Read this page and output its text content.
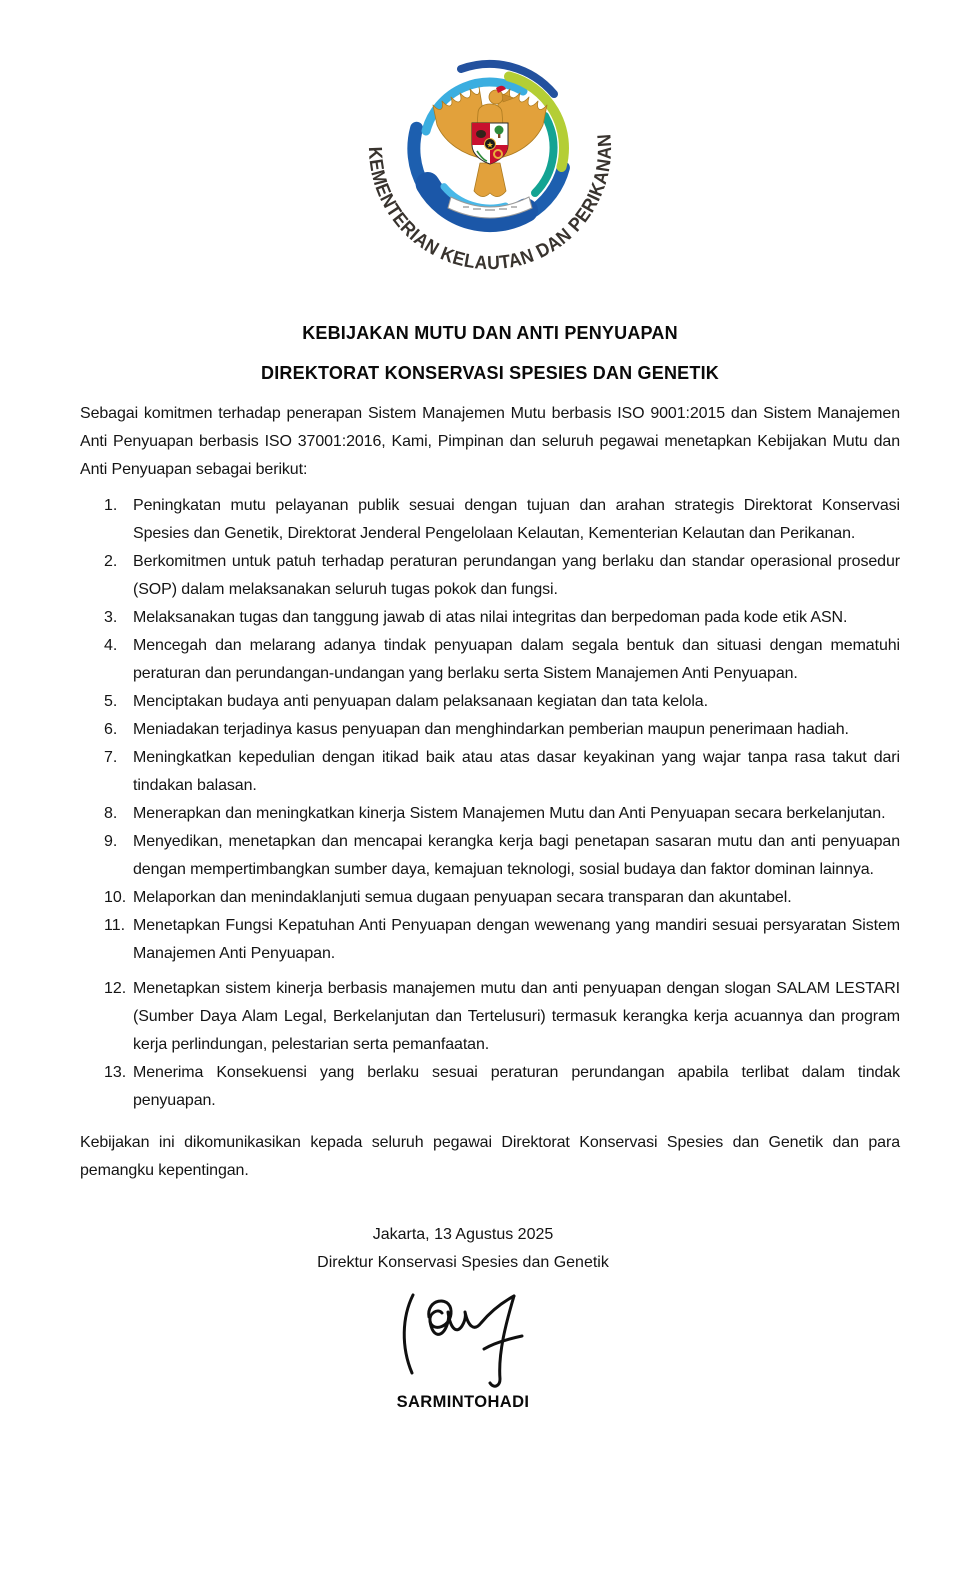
★
KEMENTERIAN KELAUTAN DAN PERIKANAN
KEBIJAKAN MUTU DAN ANTI PENYUAPAN
DIREKTORAT KONSERVASI SPESIES DAN GENETIK

Sebagai komitmen terhadap penerapan Sistem Manajemen Mutu berbasis ISO 9001:2015 dan Sistem Manajemen Anti Penyuapan berbasis ISO 37001:2016, Kami, Pimpinan dan seluruh pegawai menetapkan Kebijakan Mutu dan Anti Penyuapan sebagai berikut:

1. Peningkatan mutu pelayanan publik sesuai dengan tujuan dan arahan strategis Direktorat Konservasi Spesies dan Genetik, Direktorat Jenderal Pengelolaan Kelautan, Kementerian Kelautan dan Perikanan.
2. Berkomitmen untuk patuh terhadap peraturan perundangan yang berlaku dan standar operasional prosedur (SOP) dalam melaksanakan seluruh tugas pokok dan fungsi.
3. Melaksanakan tugas dan tanggung jawab di atas nilai integritas dan berpedoman pada kode etik ASN.
4. Mencegah dan melarang adanya tindak penyuapan dalam segala bentuk dan situasi dengan mematuhi peraturan dan perundangan-undangan yang berlaku serta Sistem Manajemen Anti Penyuapan.
5. Menciptakan budaya anti penyuapan dalam pelaksanaan kegiatan dan tata kelola.
6. Meniadakan terjadinya kasus penyuapan dan menghindarkan pemberian maupun penerimaan hadiah.
7. Meningkatkan kepedulian dengan itikad baik atau atas dasar keyakinan yang wajar tanpa rasa takut dari tindakan balasan.
8. Menerapkan dan meningkatkan kinerja Sistem Manajemen Mutu dan Anti Penyuapan secara berkelanjutan.
9. Menyedikan, menetapkan dan mencapai kerangka kerja bagi penetapan sasaran mutu dan anti penyuapan dengan mempertimbangkan sumber daya, kemajuan teknologi, sosial budaya dan faktor dominan lainnya.
10. Melaporkan dan menindaklanjuti semua dugaan penyuapan secara transparan dan akuntabel.
11. Menetapkan Fungsi Kepatuhan Anti Penyuapan dengan wewenang yang mandiri sesuai persyaratan Sistem Manajemen Anti Penyuapan.
12. Menetapkan sistem kinerja berbasis manajemen mutu dan anti penyuapan dengan slogan SALAM LESTARI (Sumber Daya Alam Legal, Berkelanjutan dan Tertelusuri) termasuk kerangka kerja acuannya dan program kerja perlindungan, pelestarian serta pemanfaatan.
13. Menerima Konsekuensi yang berlaku sesuai peraturan perundangan apabila terlibat dalam tindak penyuapan.

Kebijakan ini dikomunikasikan kepada seluruh pegawai Direktorat Konservasi Spesies dan Genetik dan para pemangku kepentingan.

Jakarta, 13 Agustus 2025
Direktur Konservasi Spesies dan Genetik
SARMINTOHADI
